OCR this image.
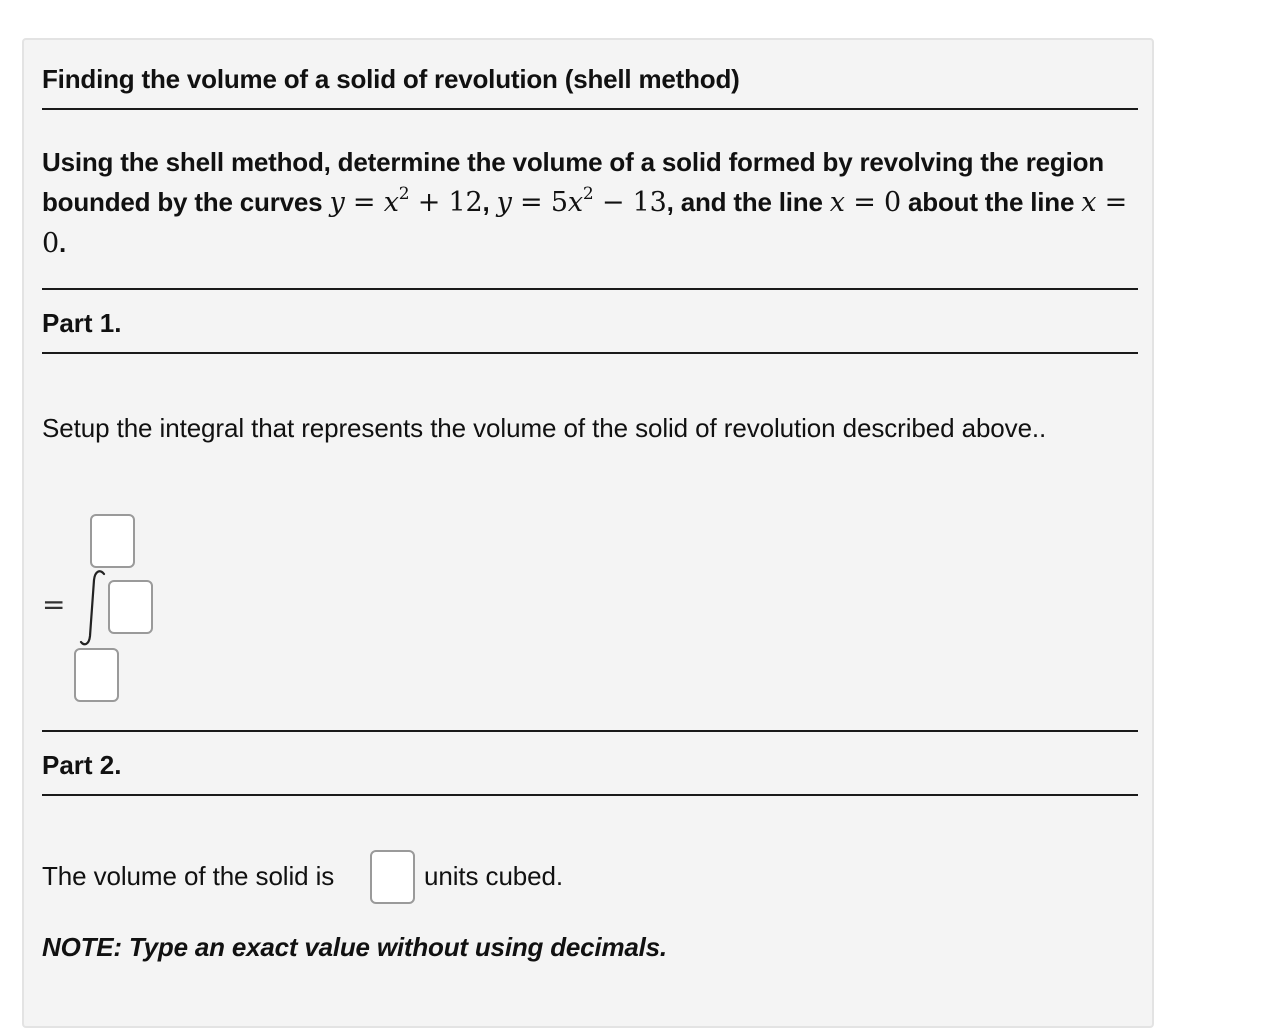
Finding the volume of a solid of revolution (shell method)
Using the shell method, determine the volume of a solid formed by revolving the region bounded by the curves $y = x^2 + 12$, $y = 5x^2 - 13$, and the line x = 0 about the line x = 0.
Part 1.
Setup the integral that represents the volume of the solid of revolution described above..
=
Part 2.
The volume of the solid is	units cubed.
NOTE: Type an exact value without using decimals.
